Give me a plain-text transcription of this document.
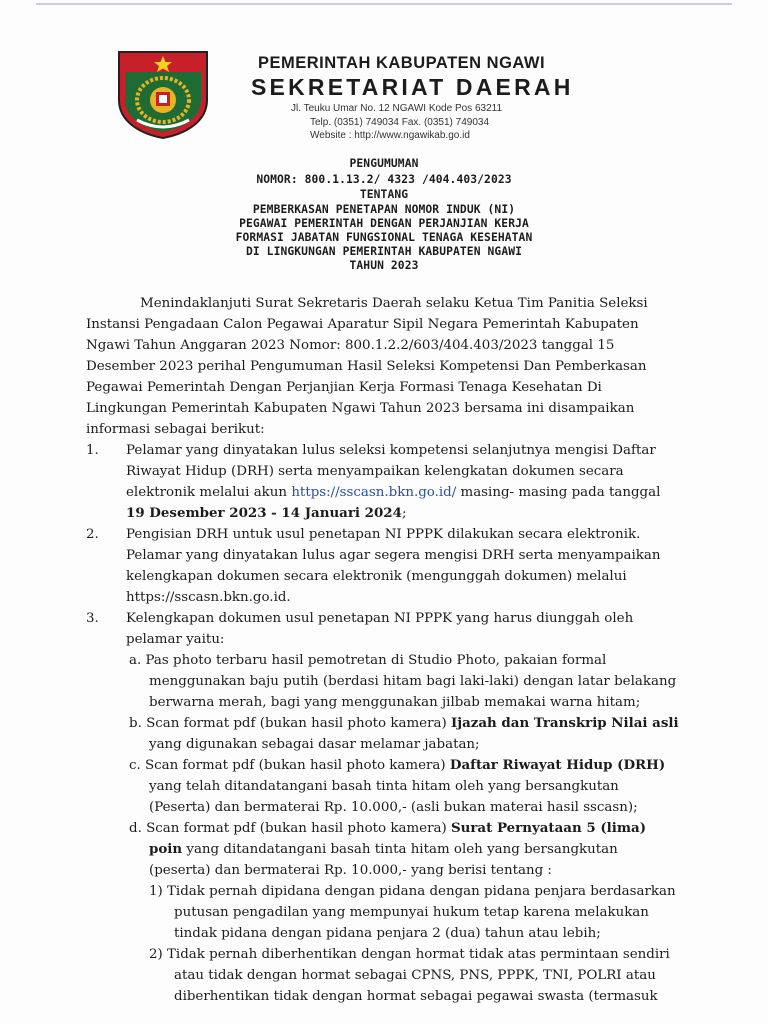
PEMERINTAH KABUPATEN NGAWI
SEKRETARIAT DAERAH
Jl. Teuku Umar No. 12 NGAWI Kode Pos 63211
Telp. (0351) 749034 Fax. (0351) 749034
Website : http://www.ngawikab.go.id
PENGUMUMAN
NOMOR: 800.1.13.2/ 4323 /404.403/2023
TENTANG
PEMBERKASAN PENETAPAN NOMOR INDUK (NI)
PEGAWAI PEMERINTAH DENGAN PERJANJIAN KERJA
FORMASI JABATAN FUNGSIONAL TENAGA KESEHATAN
DI LINGKUNGAN PEMERINTAH KABUPATEN NGAWI
TAHUN 2023
Menindaklanjuti Surat Sekretaris Daerah selaku Ketua Tim Panitia Seleksi
Instansi Pengadaan Calon Pegawai Aparatur Sipil Negara Pemerintah Kabupaten
Ngawi Tahun Anggaran 2023 Nomor: 800.1.2.2/603/404.403/2023 tanggal 15
Desember 2023 perihal Pengumuman Hasil Seleksi Kompetensi Dan Pemberkasan
Pegawai Pemerintah Dengan Perjanjian Kerja Formasi Tenaga Kesehatan Di
Lingkungan Pemerintah Kabupaten Ngawi Tahun 2023 bersama ini disampaikan
informasi sebagai berikut:
1. Pelamar yang dinyatakan lulus seleksi kompetensi selanjutnya mengisi Daftar
Riwayat Hidup (DRH) serta menyampaikan kelengkatan dokumen secara
elektronik melalui akun https://sscasn.bkn.go.id/ masing- masing pada tanggal
19 Desember 2023 - 14 Januari 2024;
2. Pengisian DRH untuk usul penetapan NI PPPK dilakukan secara elektronik.
Pelamar yang dinyatakan lulus agar segera mengisi DRH serta menyampaikan
kelengkapan dokumen secara elektronik (mengunggah dokumen) melalui
https://sscasn.bkn.go.id.
3. Kelengkapan dokumen usul penetapan NI PPPK yang harus diunggah oleh
pelamar yaitu:
a. Pas photo terbaru hasil pemotretan di Studio Photo, pakaian formal
menggunakan baju putih (berdasi hitam bagi laki-laki) dengan latar belakang
berwarna merah, bagi yang menggunakan jilbab memakai warna hitam;
b. Scan format pdf (bukan hasil photo kamera) Ijazah dan Transkrip Nilai asli
yang digunakan sebagai dasar melamar jabatan;
c. Scan format pdf (bukan hasil photo kamera) Daftar Riwayat Hidup (DRH)
yang telah ditandatangani basah tinta hitam oleh yang bersangkutan
(Peserta) dan bermaterai Rp. 10.000,- (asli bukan materai hasil sscasn);
d. Scan format pdf (bukan hasil photo kamera) Surat Pernyataan 5 (lima)
poin yang ditandatangani basah tinta hitam oleh yang bersangkutan
(peserta) dan bermaterai Rp. 10.000,- yang berisi tentang :
1) Tidak pernah dipidana dengan pidana dengan pidana penjara berdasarkan
putusan pengadilan yang mempunyai hukum tetap karena melakukan
tindak pidana dengan pidana penjara 2 (dua) tahun atau lebih;
2) Tidak pernah diberhentikan dengan hormat tidak atas permintaan sendiri
atau tidak dengan hormat sebagai CPNS, PNS, PPPK, TNI, POLRI atau
diberhentikan tidak dengan hormat sebagai pegawai swasta (termasuk
